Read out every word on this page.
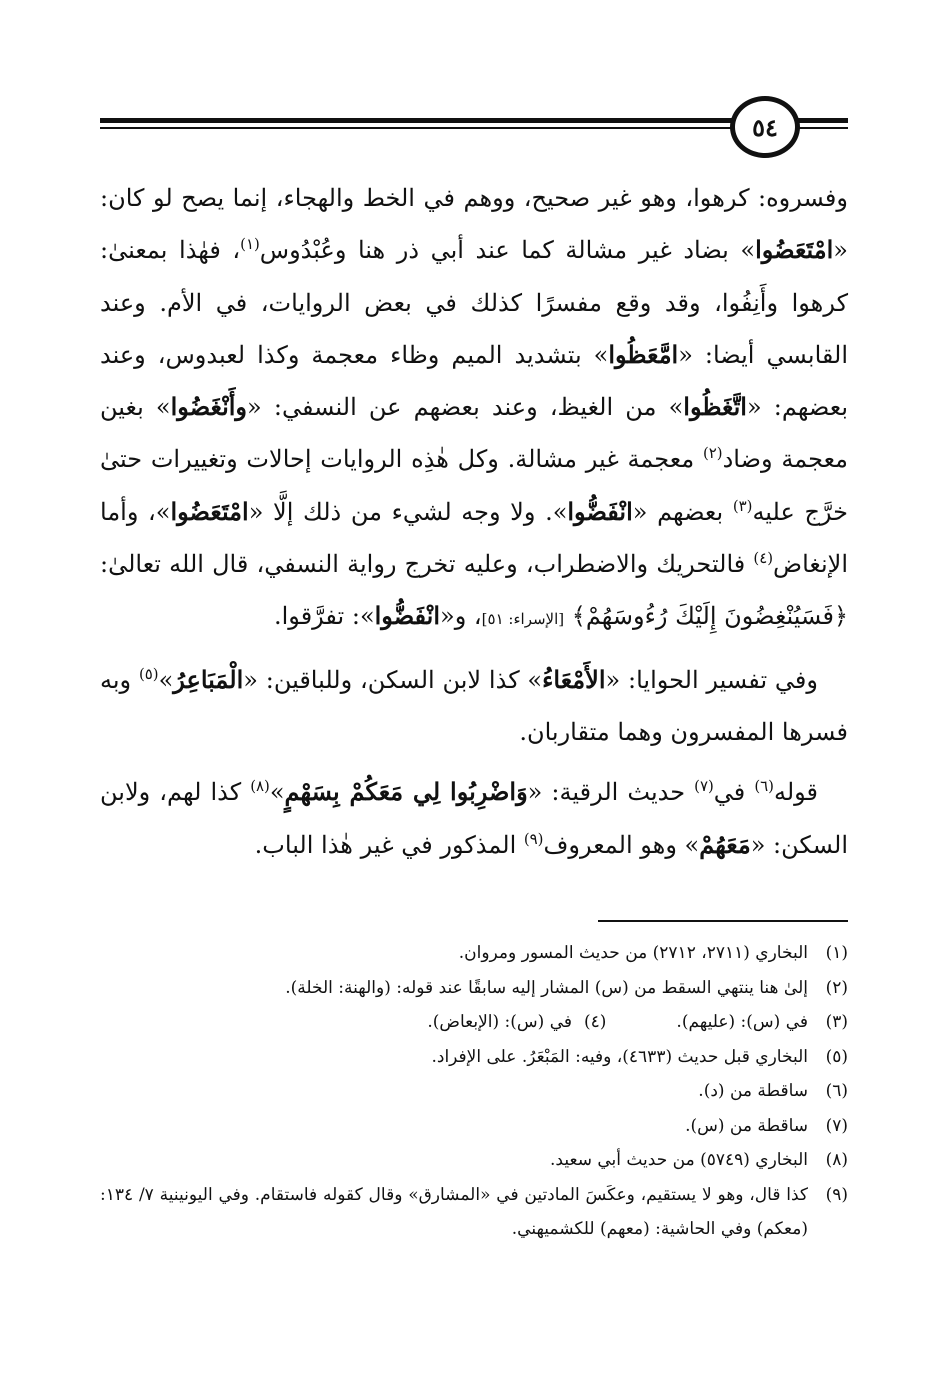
٥٤

وفسروه: كرهوا، وهو غير صحيح، ووهم في الخط والهجاء، إنما يصح لو كان: «امْتَعَضُوا» بضاد غير مشالة كما عند أبي ذر هنا وعُبْدُوس$^{(١)}$، فهٰذا بمعنىٰ: كرهوا وأَنِفُوا، وقد وقع مفسرًا كذلك في بعض الروايات، في الأم. وعند القابسي أيضا: «امَّعَظُوا» بتشديد الميم وظاء معجمة وكذا لعبدوس، وعند بعضهم: «اتَّغَظُوا» من الغيظ، وعند بعضهم عن النسفي: «وأَنْغَضُوا» بغين معجمة وضاد$^{(٢)}$ معجمة غير مشالة. وكل هٰذِه الروايات إحالات وتغييرات حتىٰ خرَّج عليه$^{(٣)}$ بعضهم «انْفَضُّوا». ولا وجه لشيء من ذلك إلَّا «امْتَعَضُوا»، وأما الإنغاض$^{(٤)}$ فالتحريك والاضطراب، وعليه تخرج رواية النسفي، قال الله تعالىٰ: ﴿فَسَيُنْغِضُونَ إِلَيْكَ رُءُوسَهُمْ﴾ [الإسراء: ٥١]، و«انْفَضُّوا»: تفرَّقوا.

وفي تفسير الحوايا: «الأَمْعَاءُ» كذا لابن السكن، وللباقين: «الْمَبَاعِرُ»$^{(٥)}$ وبه فسرها المفسرون وهما متقاربان.

قوله$^{(٦)}$ في$^{(٧)}$ حديث الرقية: «وَاضْرِبُوا لِي مَعَكُمْ بِسَهْمٍ»$^{(٨)}$ كذا لهم، ولابن السكن: «مَعَهُمْ» وهو المعروف$^{(٩)}$ المذكور في غير هٰذا الباب.

(١)
البخاري (٢٧١١، ٢٧١٢) من حديث المسور ومروان.
(٢)
إلىٰ هنا ينتهي السقط من (س) المشار إليه سابقًا عند قوله: (والهنة: الخلة).
(٣)
في (س): (عليهم).
(٤)
في (س): (الإبعاض).
(٥)
البخاري قبل حديث (٤٦٣٣)، وفيه: المَبْعَرُ. على الإفراد.
(٦)
ساقطة من (د).
(٧)
ساقطة من (س).
(٨)
البخاري (٥٧٤٩) من حديث أبي سعيد.
(٩)
كذا قال، وهو لا يستقيم، وعكَسَ المادتين في «المشارق» وقال كقوله فاستقام. وفي اليونينية ٧/ ١٣٤: (معكم) وفي الحاشية: (معهم) للكشميهني.
